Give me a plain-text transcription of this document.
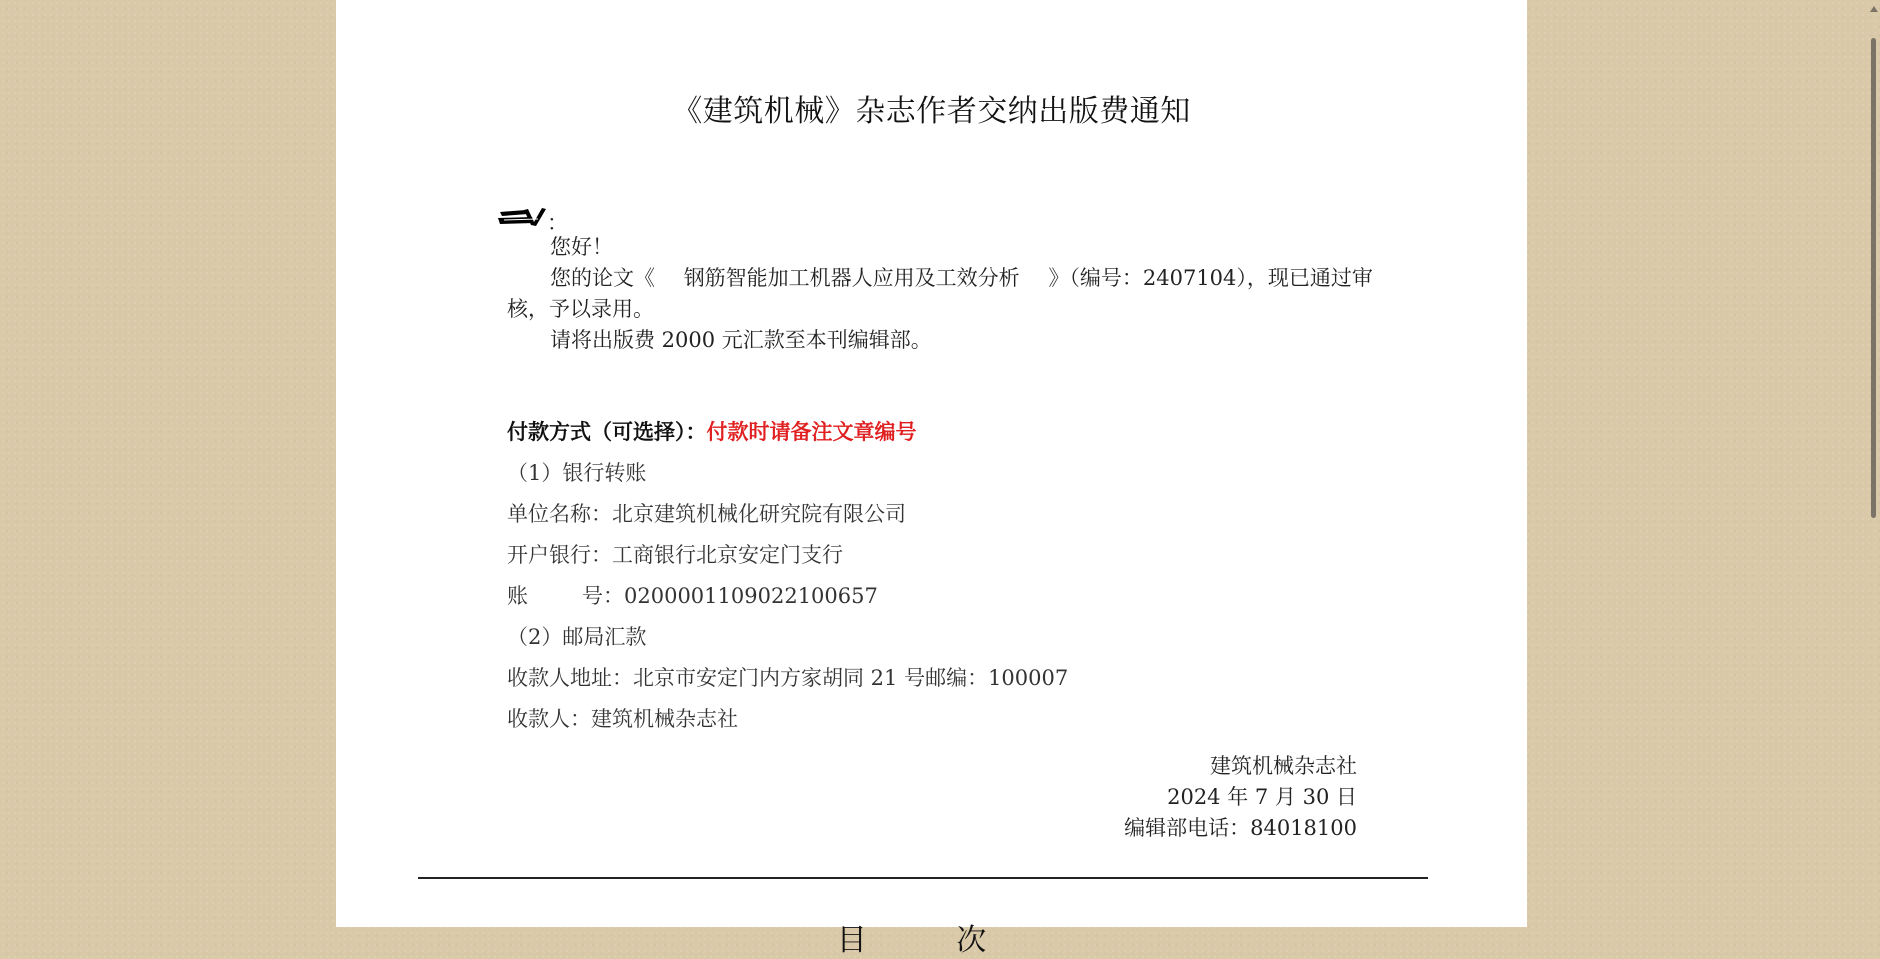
《建筑机械》杂志作者交纳出版费通知
：
您好！
您的论文《 钢筋智能加工机器人应用及工效分析 》（编号：2407104），现已通过审
核，予以录用。
请将出版费 2000 元汇款至本刊编辑部。
付款方式（可选择）：付款时请备注文章编号
（1）银行转账
单位名称：北京建筑机械化研究院有限公司
开户银行：工商银行北京安定门支行
账	号：0200001109022100657
（2）邮局汇款
收款人地址：北京市安定门内方家胡同 21 号邮编：100007
收款人：建筑机械杂志社
建筑机械杂志社
2024 年 7 月 30 日
编辑部电话：84018100
目 次
